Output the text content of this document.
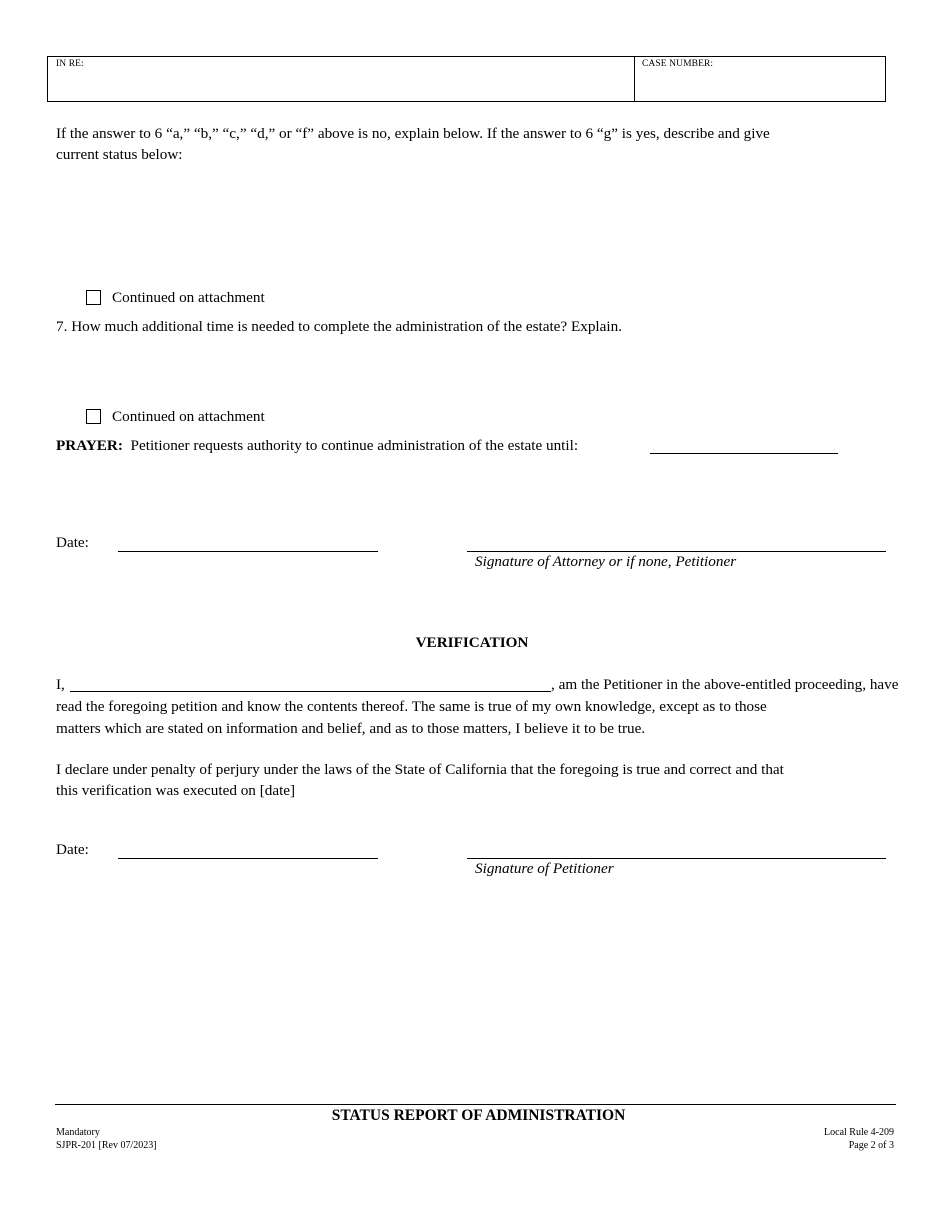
IN RE:	CASE NUMBER:
If the answer to 6 “a,” “b,” “c,” “d,” or “f” above is no, explain below. If the answer to 6 “g” is yes, describe and give
current status below:
Continued on attachment
7. How much additional time is needed to complete the administration of the estate? Explain.
Continued on attachment
PRAYER: Petitioner requests authority to continue administration of the estate until:
Date:
Signature of Attorney or if none, Petitioner
VERIFICATION
I,	, am the Petitioner in the above-entitled proceeding, have
read the foregoing petition and know the contents thereof. The same is true of my own knowledge, except as to those
matters which are stated on information and belief, and as to those matters, I believe it to be true.
I declare under penalty of perjury under the laws of the State of California that the foregoing is true and correct and that
this verification was executed on [date]
Date:
Signature of Petitioner
STATUS REPORT OF ADMINISTRATION
Mandatory
SJPR-201 [Rev 07/2023]
Local Rule 4-209
Page 2 of 3
